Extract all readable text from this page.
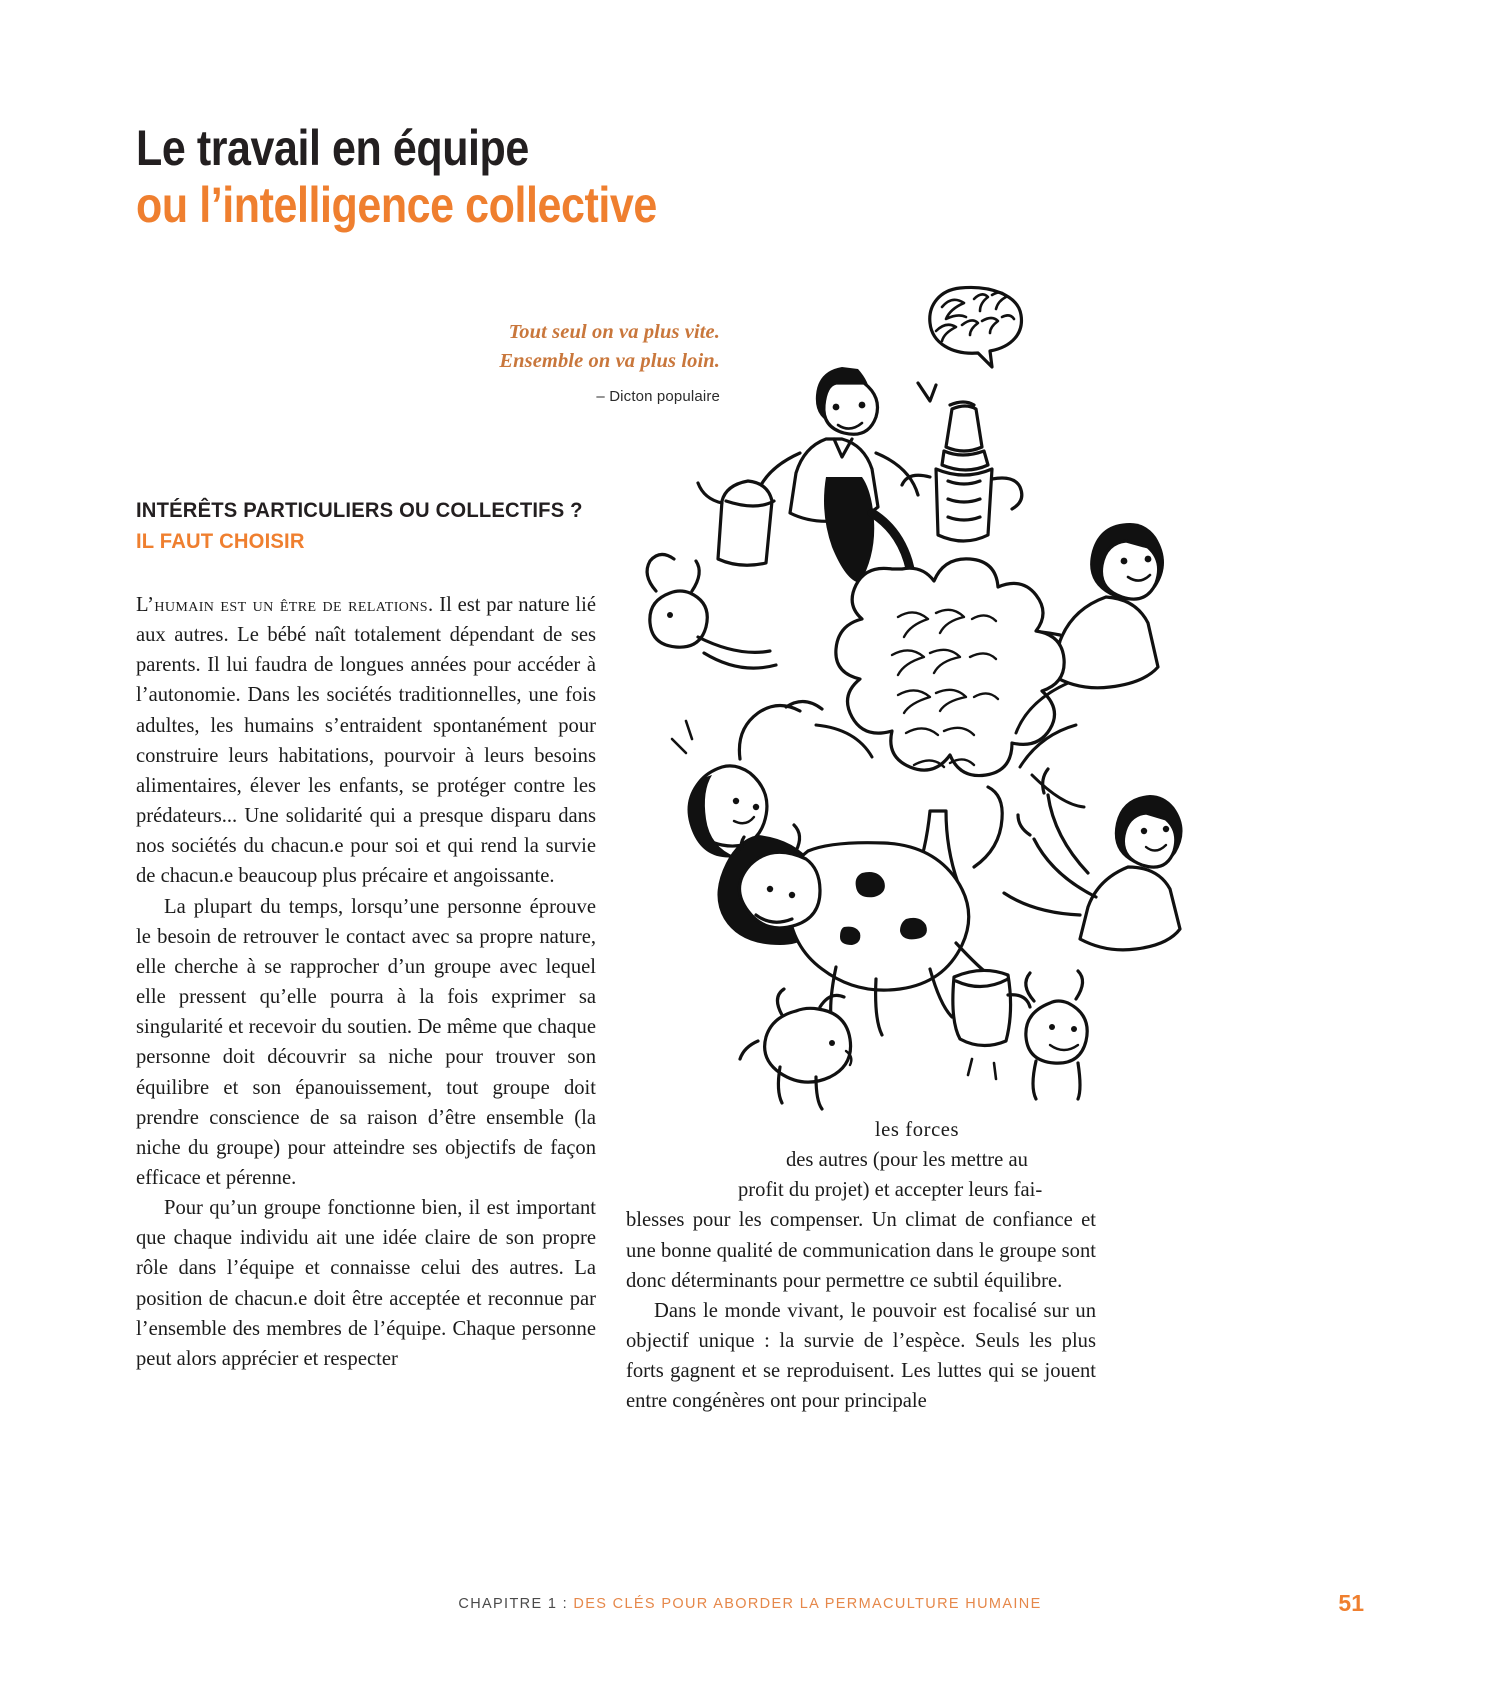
Le travail en équipe
ou l’intelligence collective
Tout seul on va plus vite.
Ensemble on va plus loin.
– Dicton populaire
INTÉRÊTS PARTICULIERS OU COLLECTIFS ?
IL FAUT CHOISIR

L’humain est un être de relations. Il est par nature lié aux autres. Le bébé naît totalement dépendant de ses parents. Il lui faudra de longues années pour accéder à l’autonomie. Dans les sociétés traditionnelles, une fois adultes, les humains s’entraident spontanément pour construire leurs habitations, pourvoir à leurs besoins alimentaires, élever les enfants, se protéger contre les prédateurs... Une solidarité qui a presque disparu dans nos sociétés du chacun.e pour soi et qui rend la survie de chacun.e beaucoup plus précaire et angoissante.

La plupart du temps, lorsqu’une personne éprouve le besoin de retrouver le contact avec sa propre nature, elle cherche à se rapprocher d’un groupe avec lequel elle pressent qu’elle pourra à la fois exprimer sa singularité et recevoir du soutien. De même que chaque personne doit découvrir sa niche pour trouver son équilibre et son épanouissement, tout groupe doit prendre conscience de sa raison d’être ensemble (la niche du groupe) pour atteindre ses objectifs de façon efficace et pérenne.

Pour qu’un groupe fonctionne bien, il est important que chaque individu ait une idée claire de son propre rôle dans l’équipe et connaisse celui des autres. La position de chacun.e doit être acceptée et reconnue par l’ensemble des membres de l’équipe. Chaque personne peut alors apprécier et respecter

les forces
des autres (pour les mettre au
profit du projet) et accepter leurs fai-
blesses pour les compenser. Un climat de confiance et une bonne qualité de communication dans le groupe sont donc déterminants pour permettre ce subtil équilibre.

Dans le monde vivant, le pouvoir est focalisé sur un objectif unique : la survie de l’espèce. Seuls les plus forts gagnent et se reproduisent. Les luttes qui se jouent entre congénères ont pour principale

CHAPITRE 1 : DES CLÉS POUR ABORDER LA PERMACULTURE HUMAINE	51
